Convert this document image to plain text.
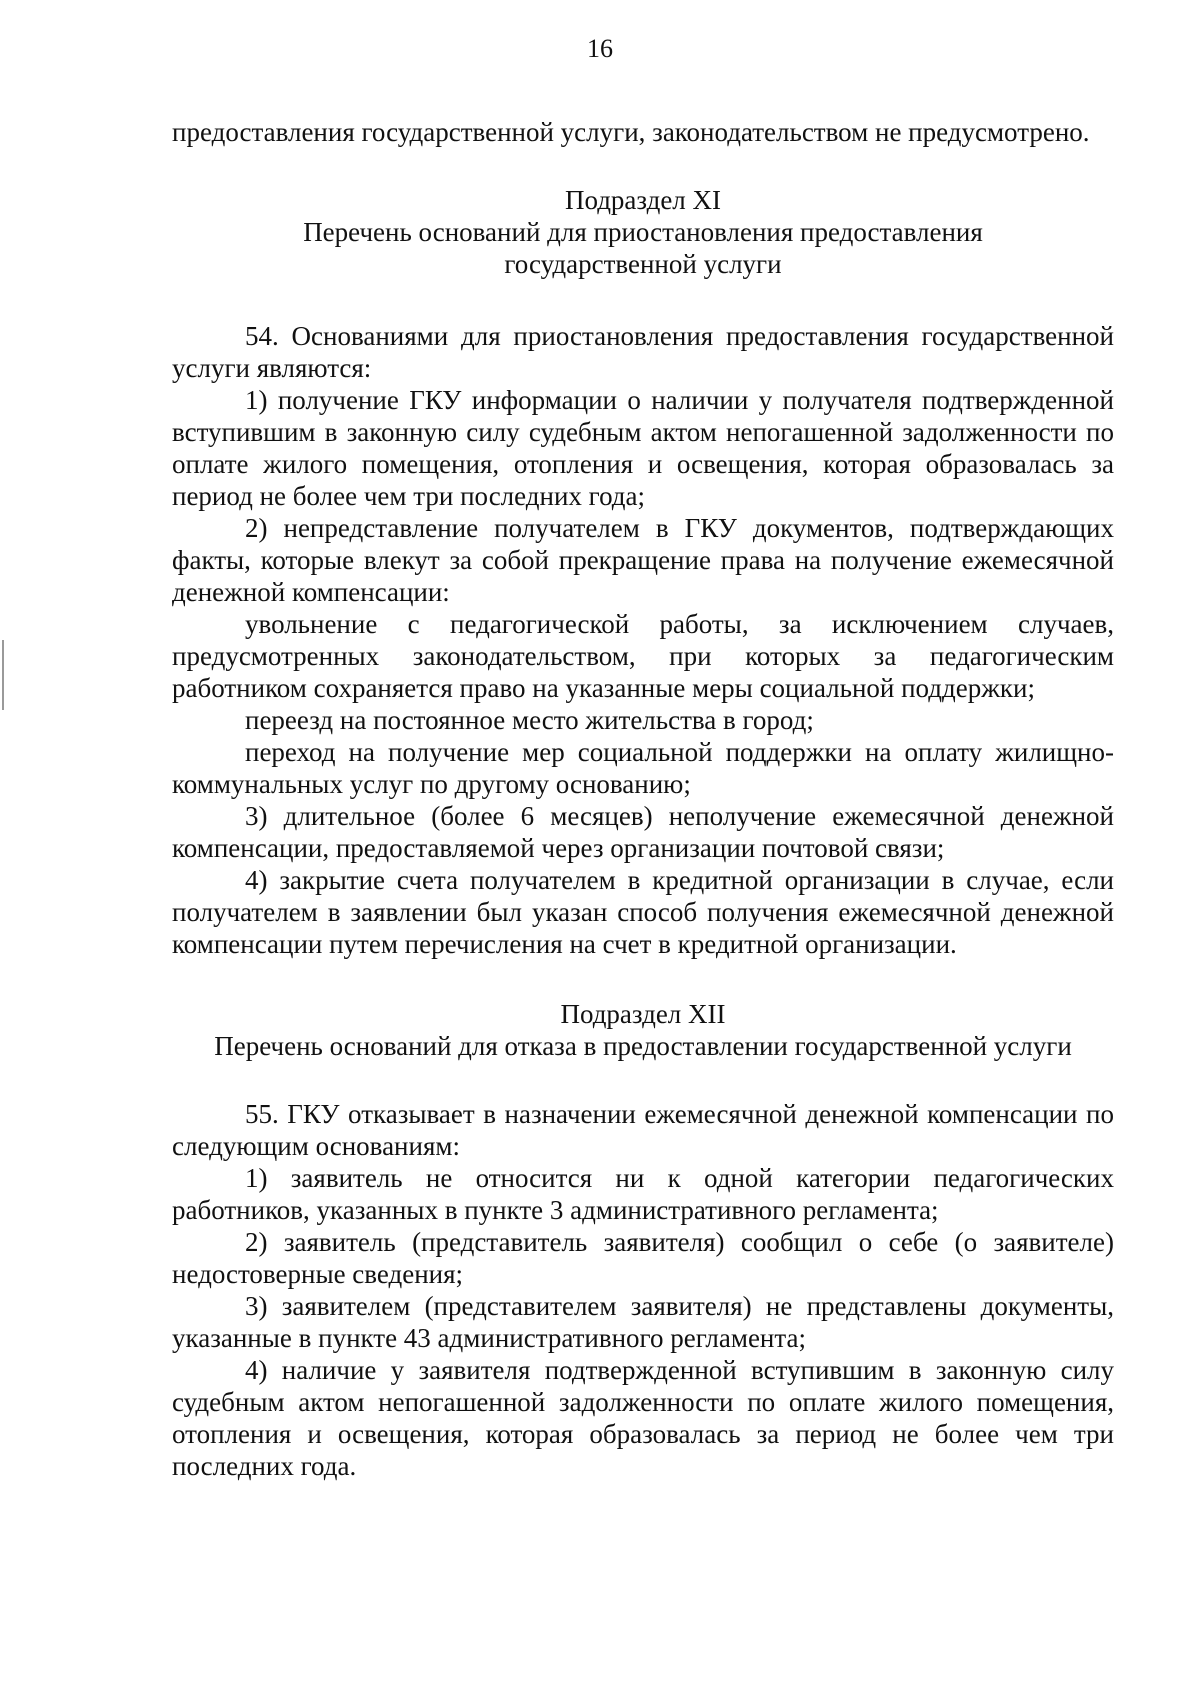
16

предоставления государственной услуги, законодательством не предусмотрено.

Подраздел XI

Перечень оснований для приостановления предоставления

государственной услуги

54. Основаниями для приостановления предоставления государственной услуги являются:

1) получение ГКУ информации о наличии у получателя подтвержденной вступившим в законную силу судебным актом непогашенной задолженности по оплате жилого помещения, отопления и освещения, которая образовалась за период не более чем три последних года;

2) непредставление получателем в ГКУ документов, подтверждающих факты, которые влекут за собой прекращение права на получение ежемесячной денежной компенсации:

увольнение с педагогической работы, за исключением случаев, предусмотренных законодательством, при которых за педагогическим работником сохраняется право на указанные меры социальной поддержки;

переезд на постоянное место жительства в город;

переход на получение мер социальной поддержки на оплату жилищно-коммунальных услуг по другому основанию;

3) длительное (более 6 месяцев) неполучение ежемесячной денежной компенсации, предоставляемой через организации почтовой связи;

4) закрытие счета получателем в кредитной организации в случае, если получателем в заявлении был указан способ получения ежемесячной денежной компенсации путем перечисления на счет в кредитной организации.

Подраздел XII

Перечень оснований для отказа в предоставлении государственной услуги

55. ГКУ отказывает в назначении ежемесячной денежной компенсации по следующим основаниям:

1) заявитель не относится ни к одной категории педагогических работников, указанных в пункте 3 административного регламента;

2) заявитель (представитель заявителя) сообщил о себе (о заявителе) недостоверные сведения;

3) заявителем (представителем заявителя) не представлены документы, указанные в пункте 43 административного регламента;

4) наличие у заявителя подтвержденной вступившим в законную силу судебным актом непогашенной задолженности по оплате жилого помещения, отопления и освещения, которая образовалась за период не более чем три последних года.
